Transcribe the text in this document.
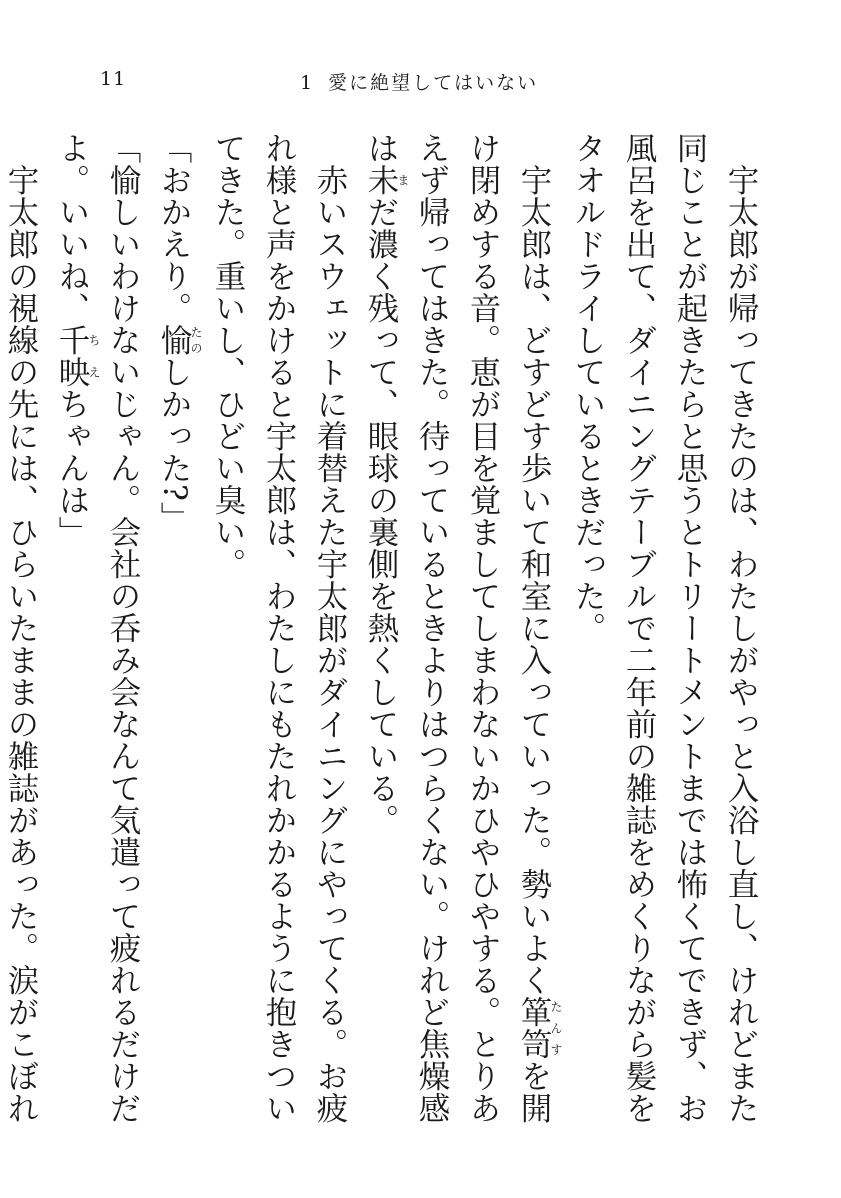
11	1 愛に絶望してはいない

宇太郎が帰ってきたのは、わたしがやっと入浴し直し、けれどまた同じことが起きたらと思うとトリートメントまでは怖くてできず、お風呂を出て、ダイニングテーブルで二年前の雑誌をめくりながら髪をタオルドライしているときだった。

宇太郎は、どすどす歩いて和室に入っていった。勢いよく箪笥たんすを開け閉めする音。恵が目を覚ましてしまわないかひやひやする。とりあえず帰ってはきた。待っているときよりはつらくない。けれど焦燥感は未まだ濃く残って、眼球の裏側を熱くしている。

赤いスウェットに着替えた宇太郎がダイニングにやってくる。お疲れ様と声をかけると宇太郎は、わたしにもたれかかるように抱きついてきた。重いし、ひどい臭い。

「おかえり。愉たのしかった?」

「愉しいわけないじゃん。会社の呑み会なんて気遣って疲れるだけだよ。いいね、千ち映えちゃんは」

宇太郎の視線の先には、ひらいたままの雑誌があった。涙がこぼれ
